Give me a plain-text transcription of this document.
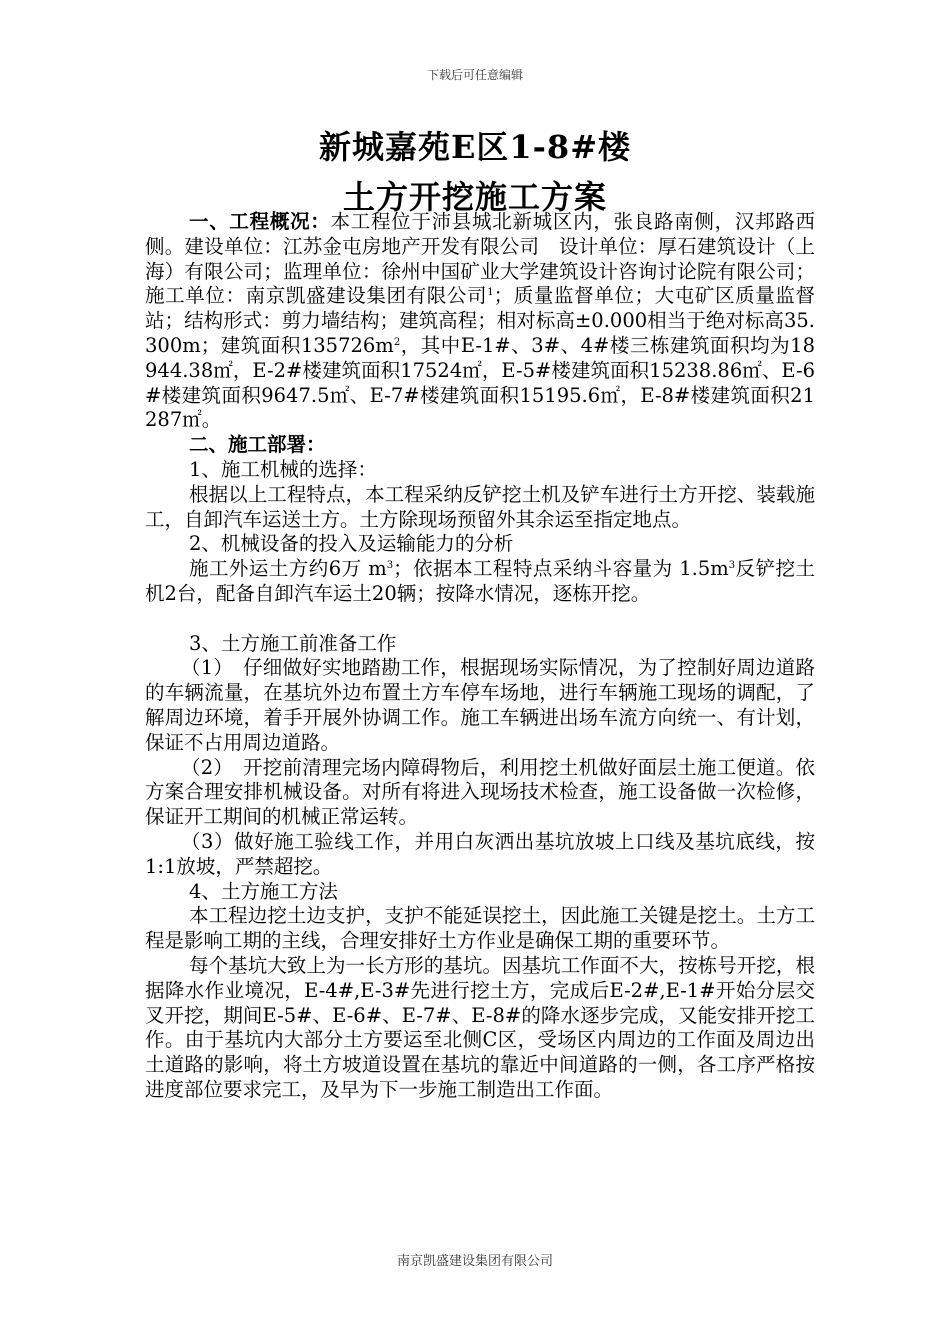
下载后可任意编辑
新城嘉苑E区1-8#楼
土方开挖施工方案

一、工程概况：本工程位于沛县城北新城区内，张良路南侧，汉邦路西侧。建设单位：江苏金屯房地产开发有限公司　设计单位：厚石建筑设计（上海）有限公司；监理单位：徐州中国矿业大学建筑设计咨询讨论院有限公司；施工单位：南京凯盛建设集团有限公司$^1$；质量监督单位；大屯矿区质量监督站；结构形式：剪力墙结构；建筑高程；相对标高±0.000相当于绝对标高35.300m；建筑面积$135726m^2$，其中E-1#、3#、4#楼三栋建筑面积均为18944.38㎡，E-2#楼建筑面积17524㎡，E-5#楼建筑面积15238.86㎡、E-6#楼建筑面积9647.5㎡、E-7#楼建筑面积15195.6㎡，E-8#楼建筑面积21287㎡。

二、施工部署：

1、施工机械的选择：

根据以上工程特点，本工程采纳反铲挖土机及铲车进行土方开挖、装载施工，自卸汽车运送土方。土方除现场预留外其余运至指定地点。

2、机械设备的投入及运输能力的分析

施工外运土方约6万 $m^3$；依据本工程特点采纳斗容量为 $1.5m^3$反铲挖土机2台，配备自卸汽车运土20辆；按降水情况，逐栋开挖。

3、土方施工前准备工作

（1）　仔细做好实地踏勘工作，根据现场实际情况，为了控制好周边道路的车辆流量，在基坑外边布置土方车停车场地，进行车辆施工现场的调配，了解周边环境，着手开展外协调工作。施工车辆进出场车流方向统一、有计划，保证不占用周边道路。

（2）　开挖前清理完场内障碍物后，利用挖土机做好面层土施工便道。依方案合理安排机械设备。对所有将进入现场技术检查，施工设备做一次检修，保证开工期间的机械正常运转。

（3）做好施工验线工作，并用白灰洒出基坑放坡上口线及基坑底线，按1:1放坡，严禁超挖。

4、土方施工方法

本工程边挖土边支护，支护不能延误挖土，因此施工关键是挖土。土方工程是影响工期的主线，合理安排好土方作业是确保工期的重要环节。

每个基坑大致上为一长方形的基坑。因基坑工作面不大，按栋号开挖，根据降水作业境况，E-4#,E-3#先进行挖土方，完成后E-2#,E-1#开始分层交叉开挖，期间E-5#、E-6#、E-7#、E-8#的降水逐步完成，又能安排开挖工作。由于基坑内大部分土方要运至北侧C区，受场区内周边的工作面及周边出土道路的影响，将土方坡道设置在基坑的靠近中间道路的一侧，各工序严格按进度部位要求完工，及早为下一步施工制造出工作面。

南京凯盛建设集团有限公司
